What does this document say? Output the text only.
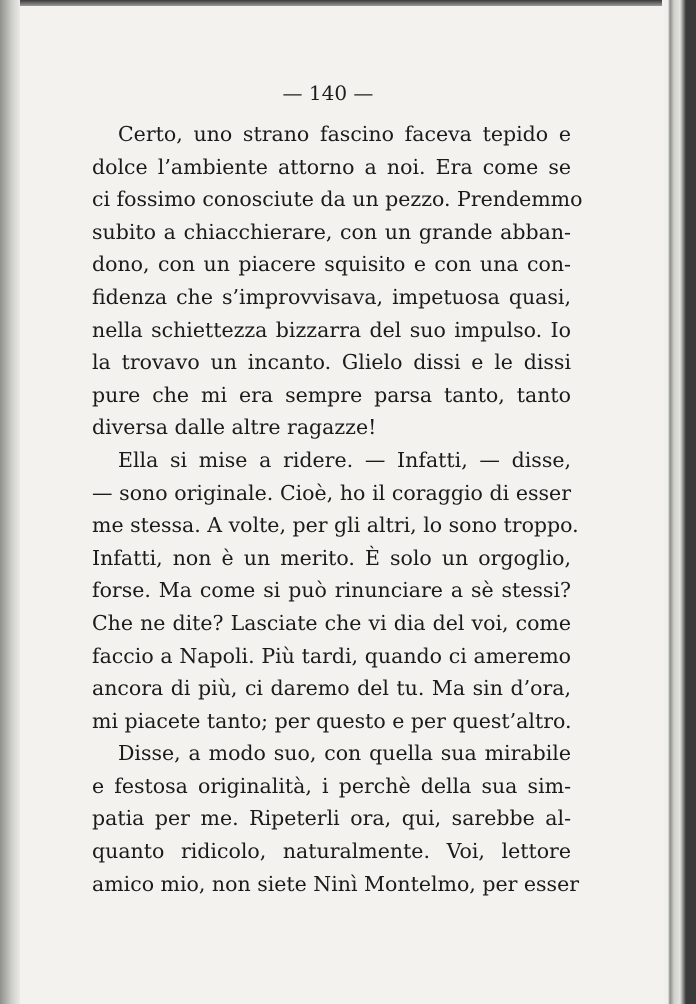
— 140 —
Certo, uno strano fascino faceva tepido e
dolce l’ambiente attorno a noi. Era come se
ci fossimo conosciute da un pezzo. Prendemmo
subito a chiacchierare, con un grande abban-
dono, con un piacere squisito e con una con-
fidenza che s’improvvisava, impetuosa quasi,
nella schiettezza bizzarra del suo impulso. Io
la trovavo un incanto. Glielo dissi e le dissi
pure che mi era sempre parsa tanto, tanto
diversa dalle altre ragazze!
Ella si mise a ridere. — Infatti, — disse,
— sono originale. Cioè, ho il coraggio di esser
me stessa. A volte, per gli altri, lo sono troppo.
Infatti, non è un merito. È solo un orgoglio,
forse. Ma come si può rinunciare a sè stessi?
Che ne dite? Lasciate che vi dia del voi, come
faccio a Napoli. Più tardi, quando ci ameremo
ancora di più, ci daremo del tu. Ma sin d’ora,
mi piacete tanto; per questo e per quest’altro.
Disse, a modo suo, con quella sua mirabile
e festosa originalità, i perchè della sua sim-
patia per me. Ripeterli ora, qui, sarebbe al-
quanto ridicolo, naturalmente. Voi, lettore
amico mio, non siete Ninì Montelmo, per esser
